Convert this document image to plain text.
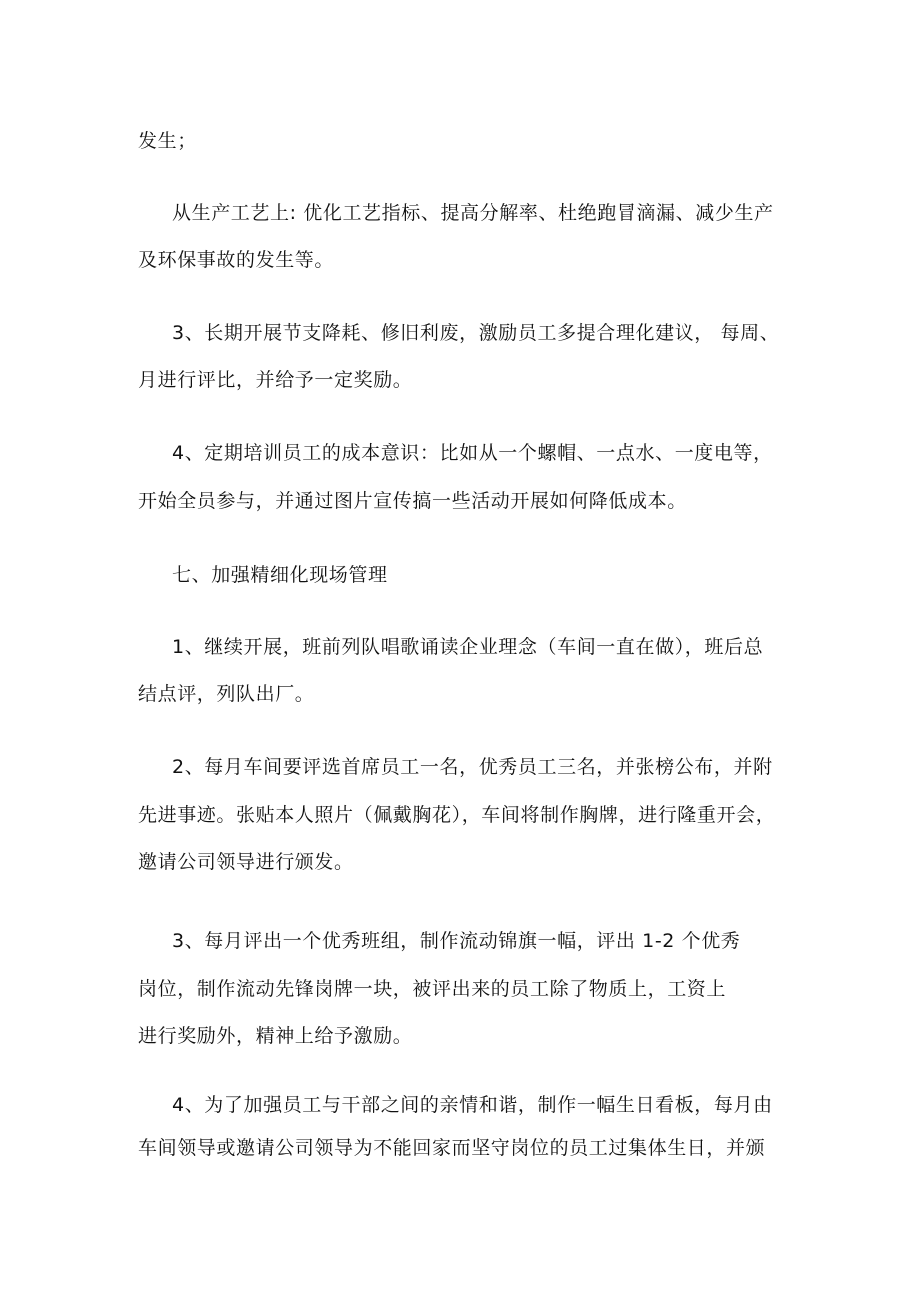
发生；
从生产工艺上: 优化工艺指标、提高分解率、杜绝跑冒滴漏、减少生产
及环保事故的发生等。
3、长期开展节支降耗、修旧利废，激励员工多提合理化建议， 每周、
月进行评比，并给予一定奖励。
4、定期培训员工的成本意识：比如从一个螺帽、一点水、一度电等，
开始全员参与，并通过图片宣传搞一些活动开展如何降低成本。
七、加强精细化现场管理
1、继续开展，班前列队唱歌诵读企业理念（车间一直在做），班后总
结点评，列队出厂。
2、每月车间要评选首席员工一名，优秀员工三名，并张榜公布，并附
先进事迹。张贴本人照片（佩戴胸花），车间将制作胸牌，进行隆重开会，
邀请公司领导进行颁发。
3、每月评出一个优秀班组，制作流动锦旗一幅，评出 1-2 个优秀
岗位，制作流动先锋岗牌一块，被评出来的员工除了物质上，工资上
进行奖励外，精神上给予激励。
4、为了加强员工与干部之间的亲情和谐，制作一幅生日看板，每月由
车间领导或邀请公司领导为不能回家而坚守岗位的员工过集体生日，并颁
